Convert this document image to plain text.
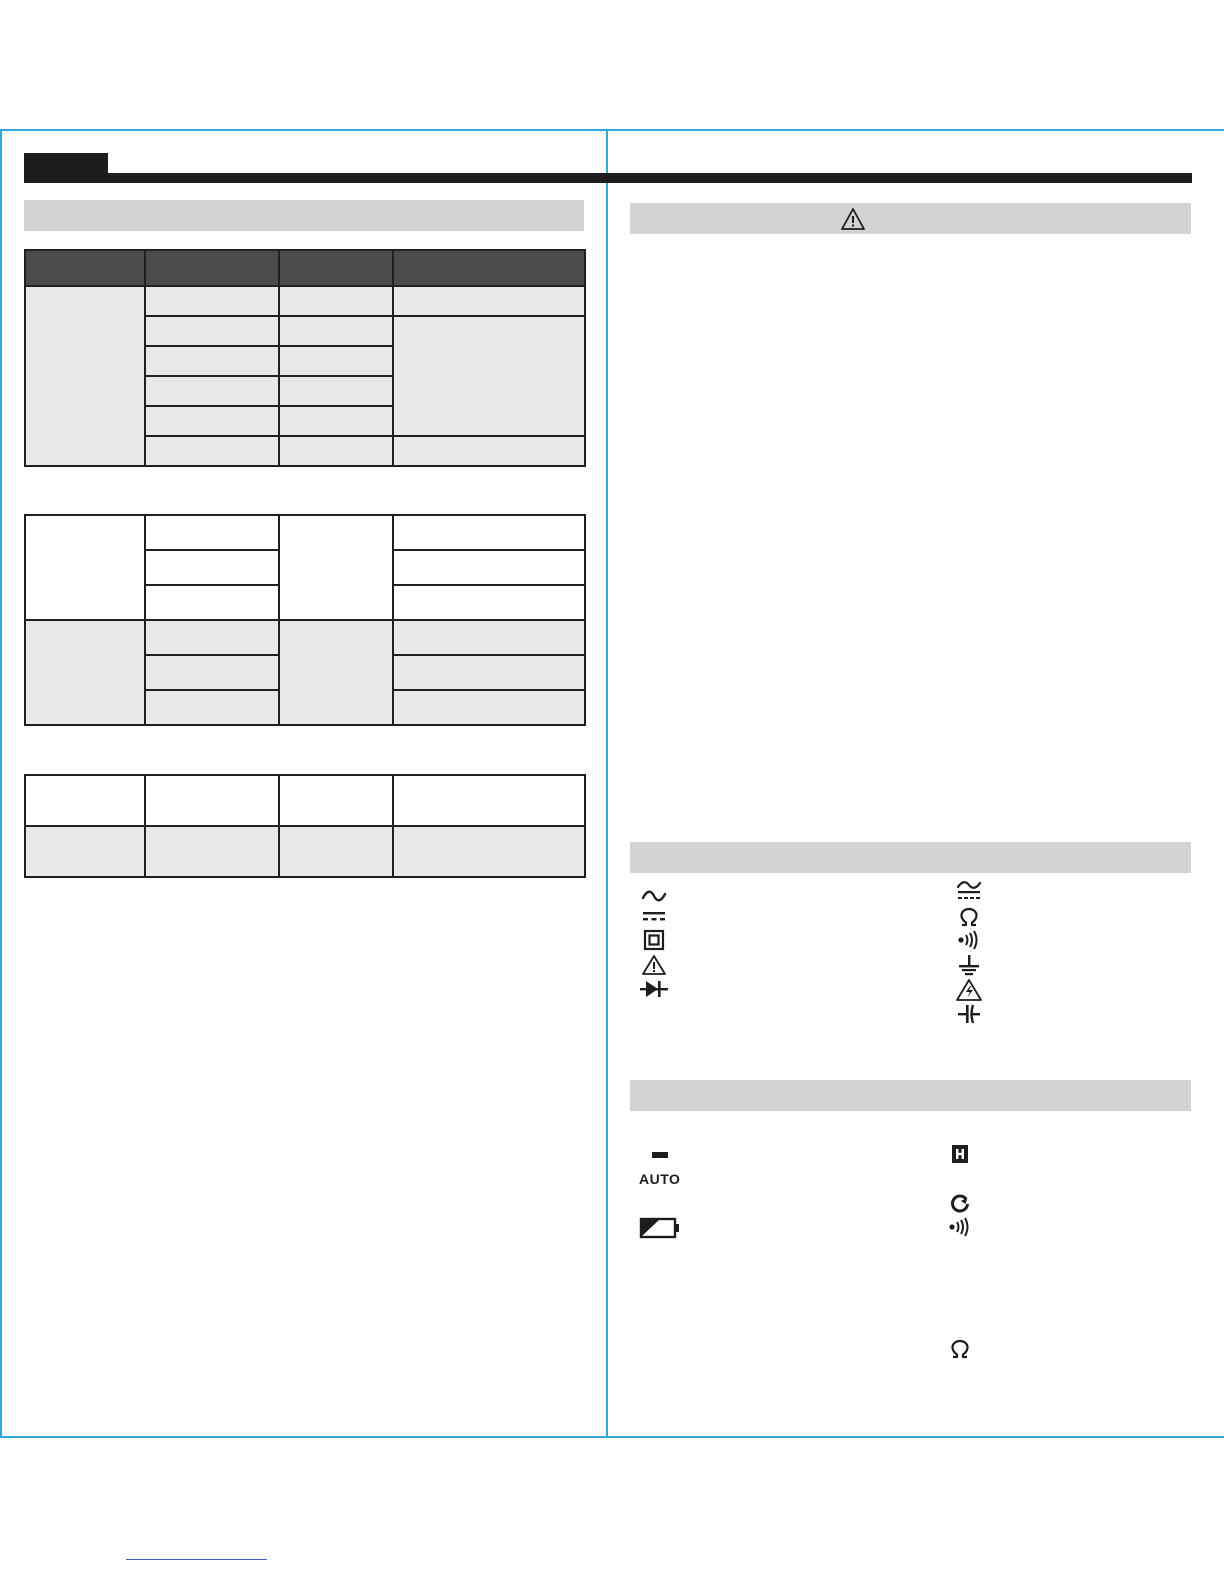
AUTO
